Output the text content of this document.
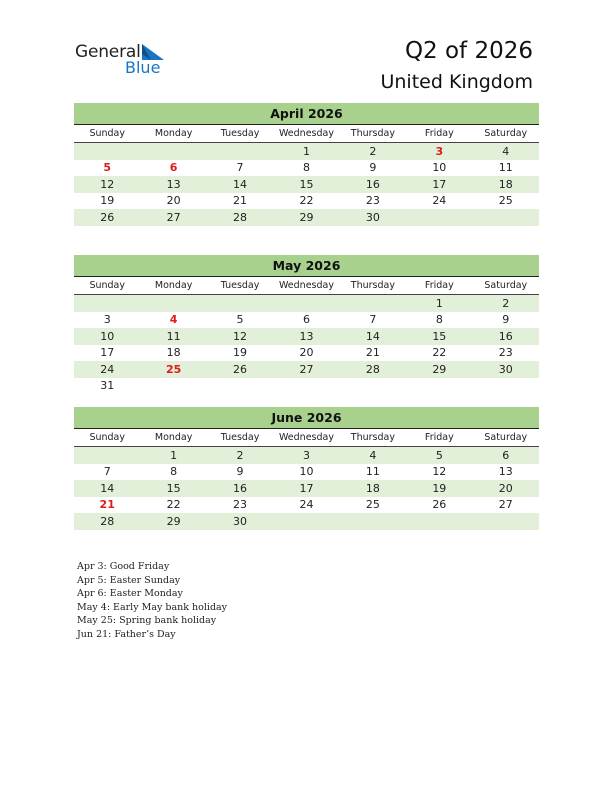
General
Blue
Q2 of 2026
United Kingdom
April 2026
Sunday	Monday	Tuesday	Wednesday	Thursday	Friday	Saturday
			1	2	3	4
5	6	7	8	9	10	11
12	13	14	15	16	17	18
19	20	21	22	23	24	25
26	27	28	29	30		
May 2026
Sunday	Monday	Tuesday	Wednesday	Thursday	Friday	Saturday
					1	2
3	4	5	6	7	8	9
10	11	12	13	14	15	16
17	18	19	20	21	22	23
24	25	26	27	28	29	30
31						
June 2026
Sunday	Monday	Tuesday	Wednesday	Thursday	Friday	Saturday
	1	2	3	4	5	6
7	8	9	10	11	12	13
14	15	16	17	18	19	20
21	22	23	24	25	26	27
28	29	30				
Apr 3: Good Friday
Apr 5: Easter Sunday
Apr 6: Easter Monday
May 4: Early May bank holiday
May 25: Spring bank holiday
Jun 21: Father’s Day
